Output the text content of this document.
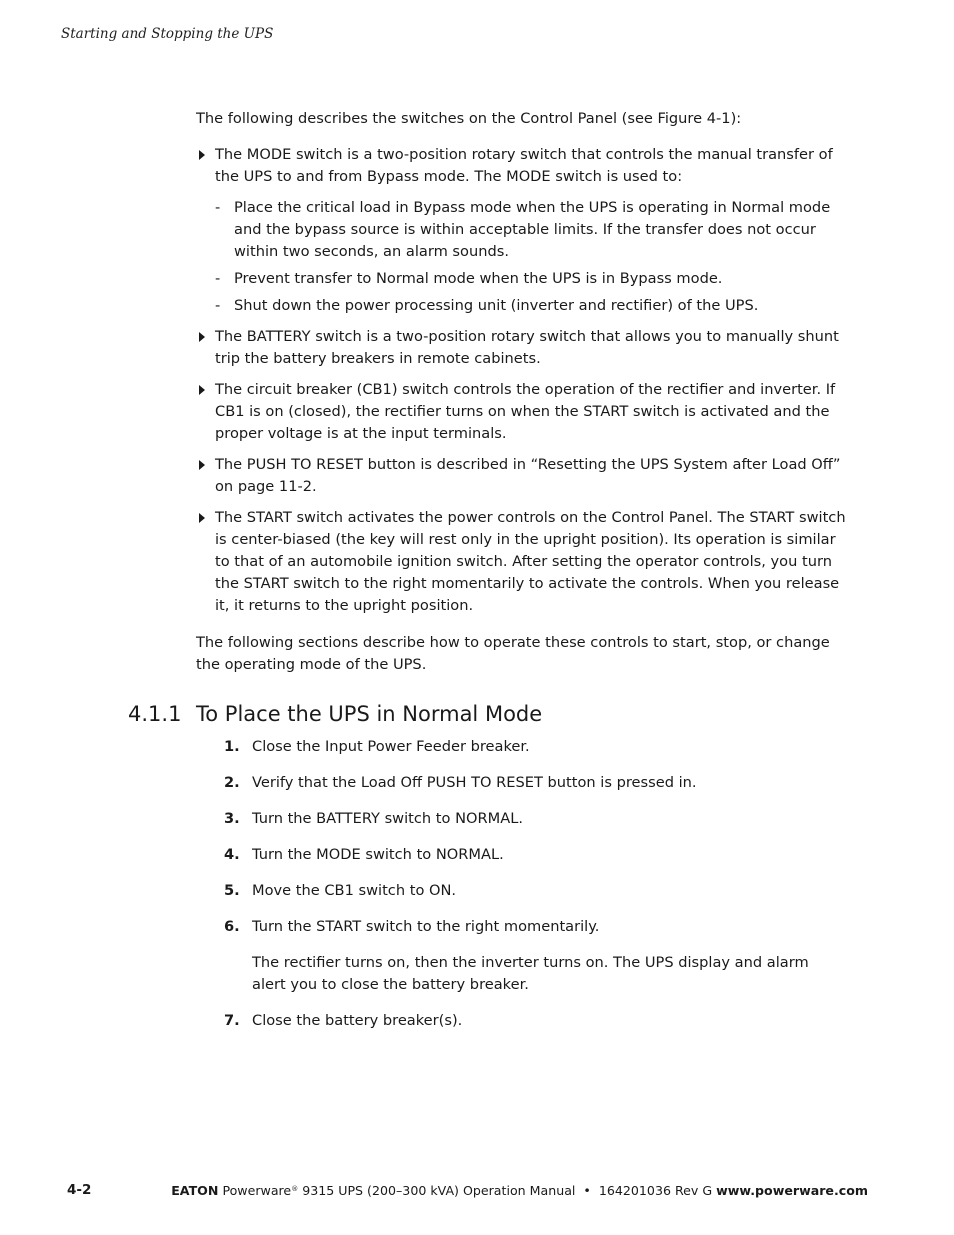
Starting and Stopping the UPS

The following describes the switches on the Control Panel (see Figure 4-1):

The MODE switch is a two-position rotary switch that controls the manual transfer of the UPS to and from Bypass mode. The MODE switch is used to:
- Place the critical load in Bypass mode when the UPS is operating in Normal mode and the bypass source is within acceptable limits. If the transfer does not occur within two seconds, an alarm sounds.
- Prevent transfer to Normal mode when the UPS is in Bypass mode.
- Shut down the power processing unit (inverter and rectifier) of the UPS.
The BATTERY switch is a two-position rotary switch that allows you to manually shunt trip the battery breakers in remote cabinets.
The circuit breaker (CB1) switch controls the operation of the rectifier and inverter. If CB1 is on (closed), the rectifier turns on when the START switch is activated and the proper voltage is at the input terminals.
The PUSH TO RESET button is described in “Resetting the UPS System after Load Off” on page 11-2.
The START switch activates the power controls on the Control Panel. The START switch is center-biased (the key will rest only in the upright position). Its operation is similar to that of an automobile ignition switch. After setting the operator controls, you turn the START switch to the right momentarily to activate the controls. When you release it, it returns to the upright position.

The following sections describe how to operate these controls to start, stop, or change the operating mode of the UPS.

4.1.1 To Place the UPS in Normal Mode
1. Close the Input Power Feeder breaker.
2. Verify that the Load Off PUSH TO RESET button is pressed in.
3. Turn the BATTERY switch to NORMAL.
4. Turn the MODE switch to NORMAL.
5. Move the CB1 switch to ON.
6. Turn the START switch to the right momentarily.

The rectifier turns on, then the inverter turns on. The UPS display and alarm alert you to close the battery breaker.

7. Close the battery breaker(s).
4-2	EATON Powerware® 9315 UPS (200–300 kVA) Operation Manual  •  164201036 Rev G www.powerware.com
